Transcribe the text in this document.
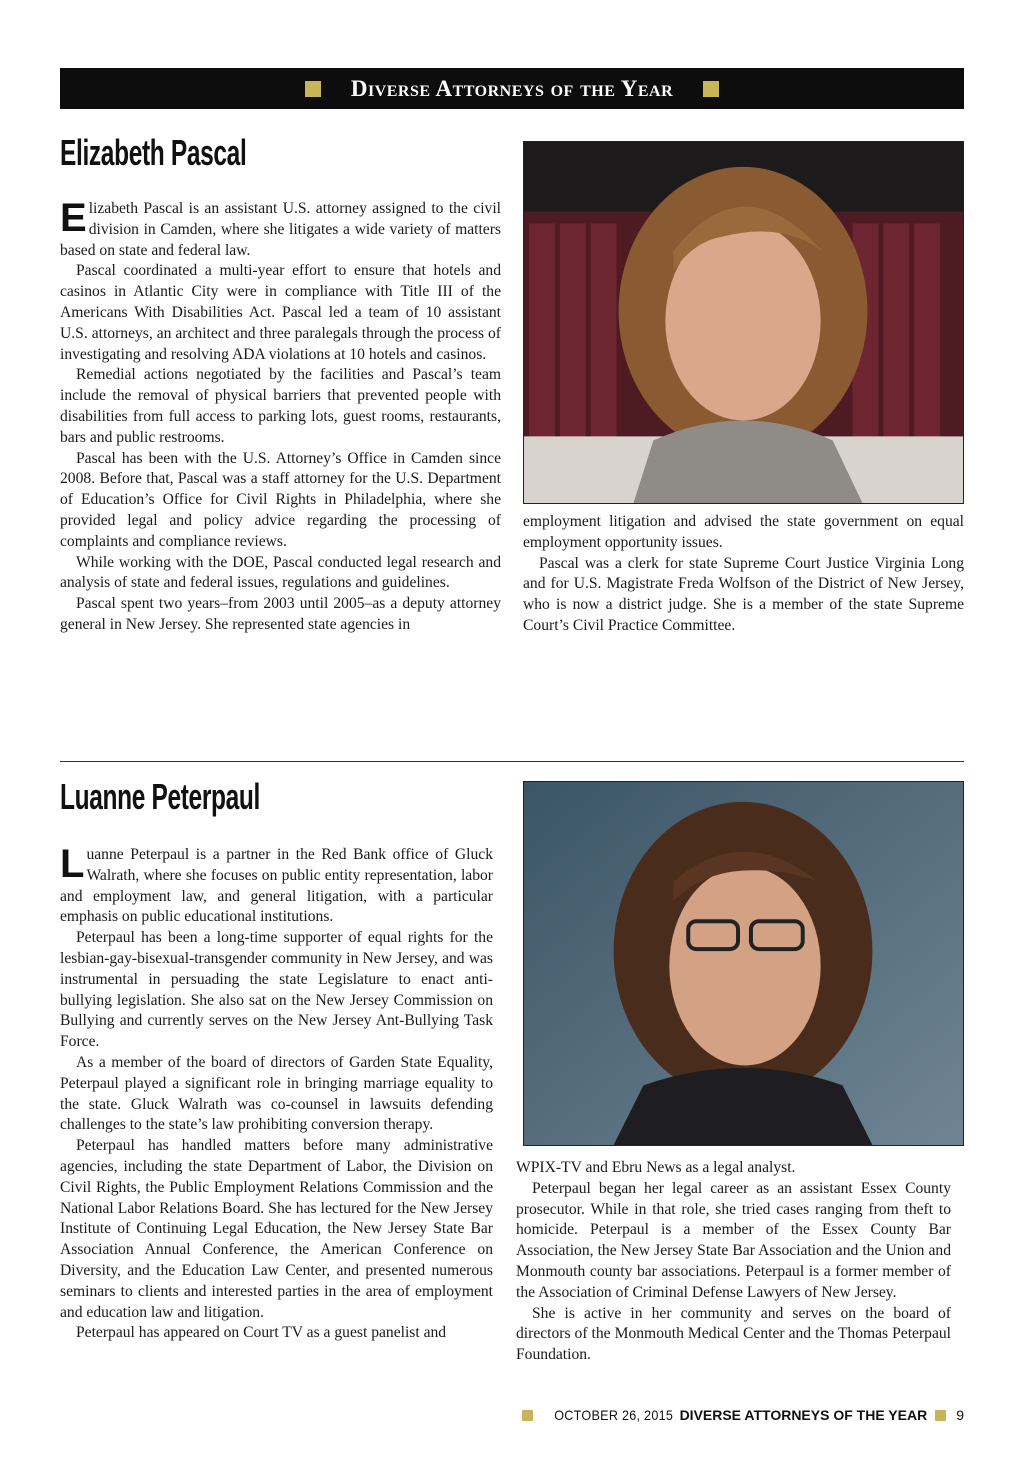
Diverse Attorneys of the Year
Elizabeth Pascal

Elizabeth Pascal is an assistant U.S. attorney assigned to the civil division in Camden, where she litigates a wide variety of matters based on state and federal law.

Pascal coordinated a multi-year effort to ensure that hotels and casinos in Atlantic City were in compliance with Title III of the Americans With Disabilities Act. Pascal led a team of 10 assistant U.S. attorneys, an architect and three paralegals through the process of investigating and resolving ADA violations at 10 hotels and casinos.

Remedial actions negotiated by the facilities and Pascal’s team include the removal of physical barriers that prevented people with disabilities from full access to parking lots, guest rooms, restaurants, bars and public restrooms.

Pascal has been with the U.S. Attorney’s Office in Camden since 2008. Before that, Pascal was a staff attorney for the U.S. Department of Education’s Office for Civil Rights in Philadelphia, where she provided legal and policy advice regarding the processing of complaints and compliance reviews.

While working with the DOE, Pascal conducted legal research and analysis of state and federal issues, regulations and guidelines.

Pascal spent two years–from 2003 until 2005–as a deputy attorney general in New Jersey. She represented state agencies in

employment litigation and advised the state government on equal employment opportunity issues.

Pascal was a clerk for state Supreme Court Justice Virginia Long and for U.S. Magistrate Freda Wolfson of the District of New Jersey, who is now a district judge. She is a member of the state Supreme Court’s Civil Practice Committee.

Luanne Peterpaul

Luanne Peterpaul is a partner in the Red Bank office of Gluck Walrath, where she focuses on public entity representation, labor and employment law, and general litigation, with a particular emphasis on public educational institutions.

Peterpaul has been a long-time supporter of equal rights for the lesbian-gay-bisexual-transgender community in New Jersey, and was instrumental in persuading the state Legislature to enact anti-bullying legislation. She also sat on the New Jersey Commission on Bullying and currently serves on the New Jersey Ant-Bullying Task Force.

As a member of the board of directors of Garden State Equality, Peterpaul played a significant role in bringing marriage equality to the state. Gluck Walrath was co-counsel in lawsuits defending challenges to the state’s law prohibiting conversion therapy.

Peterpaul has handled matters before many administrative agencies, including the state Department of Labor, the Division on Civil Rights, the Public Employment Relations Commission and the National Labor Relations Board. She has lectured for the New Jersey Institute of Continuing Legal Education, the New Jersey State Bar Association Annual Conference, the American Conference on Diversity, and the Education Law Center, and presented numerous seminars to clients and interested parties in the area of employment and education law and litigation.

Peterpaul has appeared on Court TV as a guest panelist and

WPIX-TV and Ebru News as a legal analyst.

Peterpaul began her legal career as an assistant Essex County prosecutor. While in that role, she tried cases ranging from theft to homicide. Peterpaul is a member of the Essex County Bar Association, the New Jersey State Bar Association and the Union and Monmouth county bar associations. Peterpaul is a former member of the Association of Criminal Defense Lawyers of New Jersey.

She is active in her community and serves on the board of directors of the Monmouth Medical Center and the Thomas Peterpaul Foundation.

OCTOBER 26, 2015 DIVERSE ATTORNEYS OF THE YEAR 9
